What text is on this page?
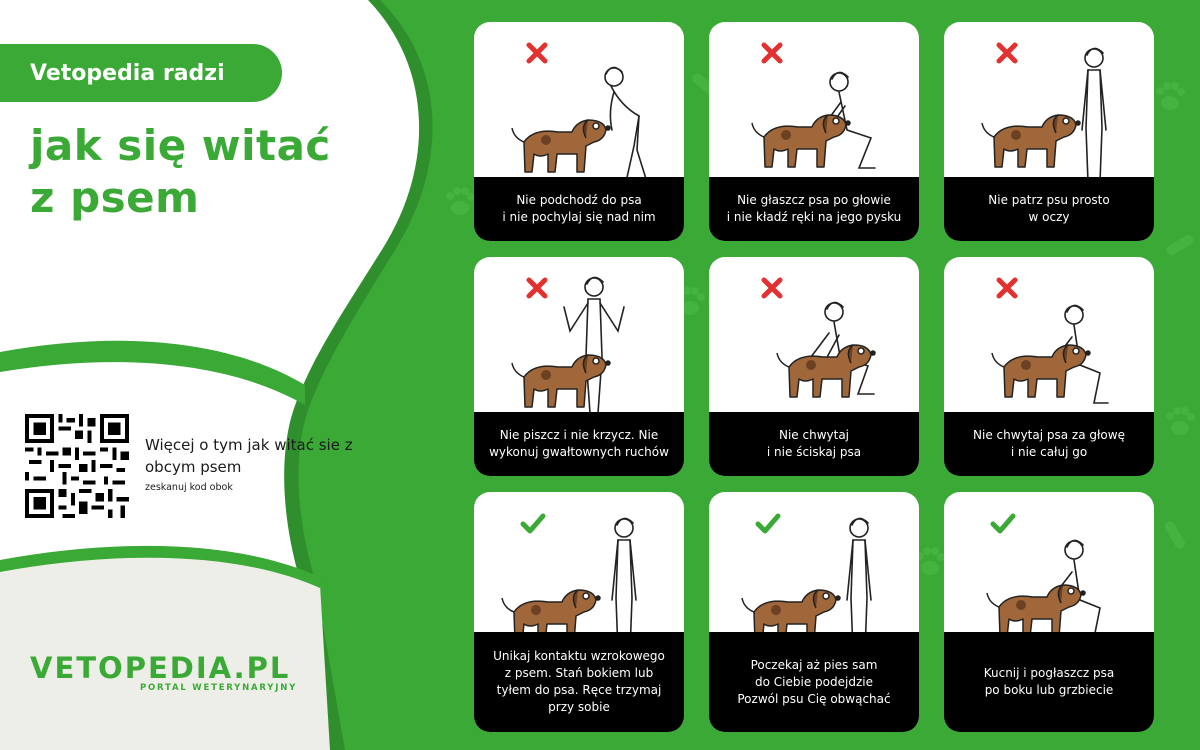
Vetopedia radzi
jak się witać
z psem
Więcej o tym jak witać sie z obcym psem
zeskanuj kod obok
VETOPEDIA.PL
PORTAL WETERYNARYJNY
Nie podchodź do psa
i nie pochylaj się nad nim
Nie głaszcz psa po głowie
i nie kładź ręki na jego pysku
Nie patrz psu prosto
w oczy
Nie piszcz i nie krzycz. Nie
wykonuj gwałtownych ruchów
Nie chwytaj
i nie ściskaj psa
Nie chwytaj psa za głowę
i nie całuj go
Unikaj kontaktu wzrokowego
z psem. Stań bokiem lub
tyłem do psa. Ręce trzymaj
przy sobie
Poczekaj aż pies sam
do Ciebie podejdzie
Pozwól psu Cię obwąchać
Kucnij i pogłaszcz psa
po boku lub grzbiecie
